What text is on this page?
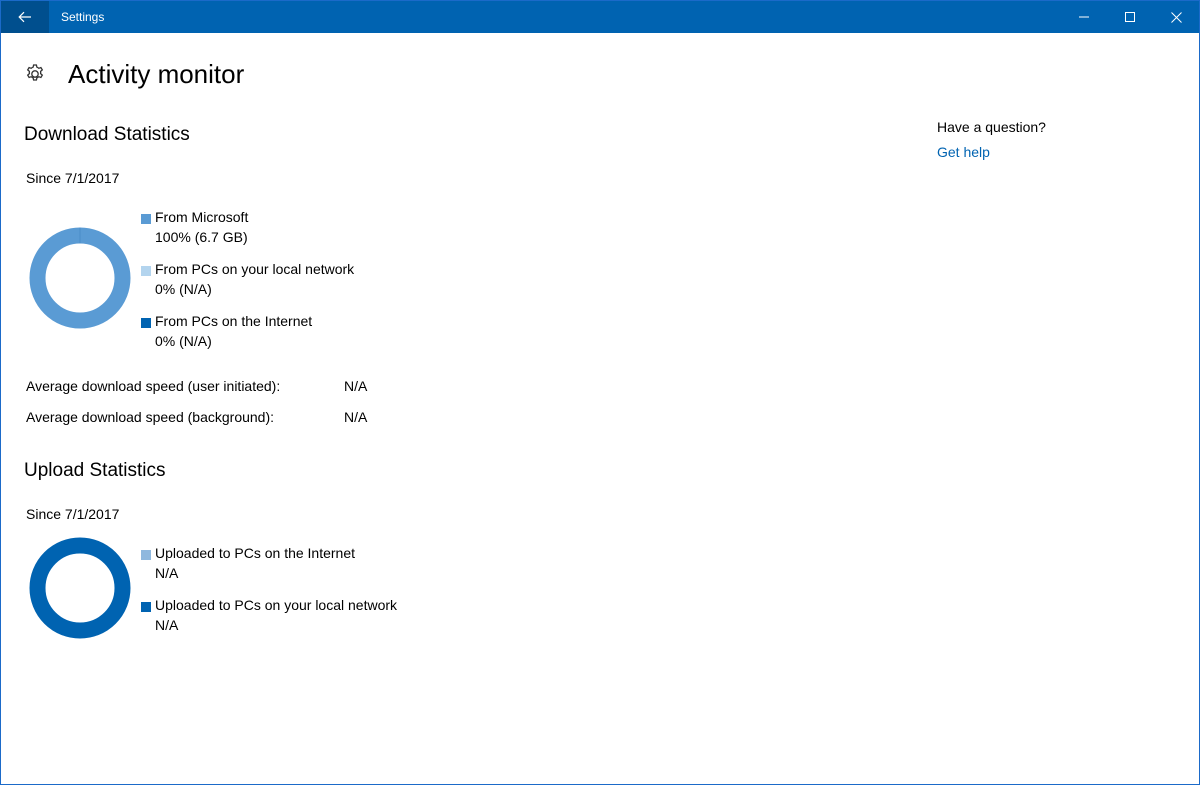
Settings
Activity monitor
Download Statistics
Since 7/1/2017
From Microsoft
100% (6.7 GB)
From PCs on your local network
0% (N/A)
From PCs on the Internet
0% (N/A)
Average download speed (user initiated):	N/A
Average download speed (background):	N/A
Upload Statistics
Since 7/1/2017
Uploaded to PCs on the Internet
N/A
Uploaded to PCs on your local network
N/A
Have a question?
Get help
